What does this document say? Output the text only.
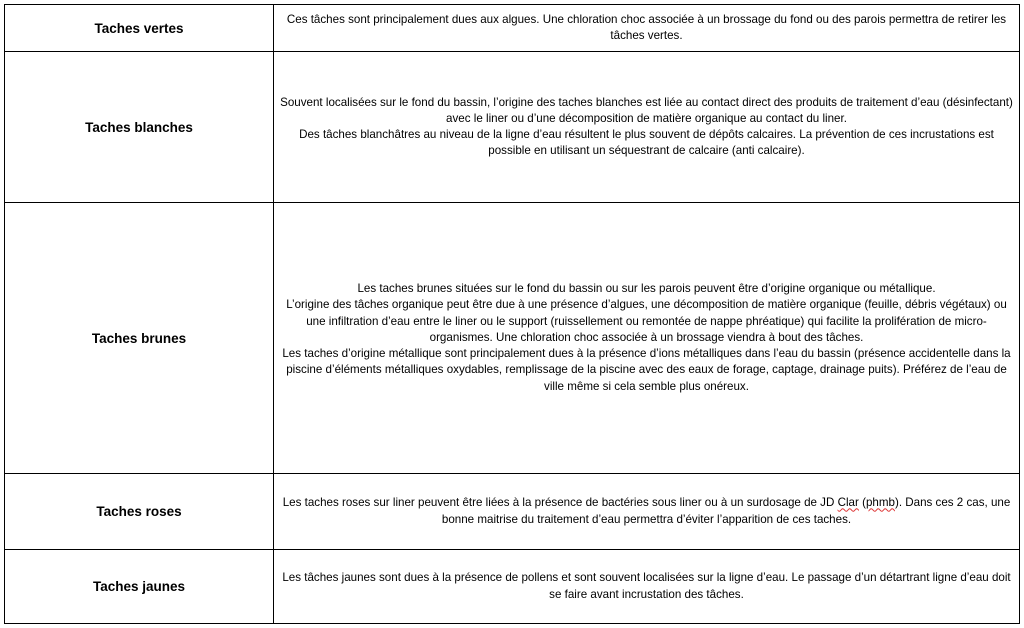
Taches vertes	Ces tâches sont principalement dues aux algues. Une chloration choc associée à un brossage du fond ou des parois permettra de retirer les tâches vertes.

Taches blanches	Souvent localisées sur le fond du bassin, l’origine des taches blanches est liée au contact direct des produits de traitement d’eau (désinfectant) avec le liner ou d’une décomposition de matière organique au contact du liner.
Des tâches blanchâtres au niveau de la ligne d’eau résultent le plus souvent de dépôts calcaires. La prévention de ces incrustations est possible en utilisant un séquestrant de calcaire (anti calcaire).

Taches brunes	Les taches brunes situées sur le fond du bassin ou sur les parois peuvent être d’origine organique ou métallique.
L’origine des tâches organique peut être due à une présence d’algues, une décomposition de matière organique (feuille, débris végétaux) ou une infiltration d’eau entre le liner ou le support (ruissellement ou remontée de nappe phréatique) qui facilite la prolifération de micro-organismes. Une chloration choc associée à un brossage viendra à bout des tâches.
Les taches d’origine métallique sont principalement dues à la présence d’ions métalliques dans l’eau du bassin (présence accidentelle dans la piscine d’éléments métalliques oxydables, remplissage de la piscine avec des eaux de forage, captage, drainage puits). Préférez de l’eau de ville même si cela semble plus onéreux.

Taches roses	Les taches roses sur liner peuvent être liées à la présence de bactéries sous liner ou à un surdosage de JD Clar (phmb). Dans ces 2 cas, une bonne maitrise du traitement d’eau permettra d’éviter l’apparition de ces taches.

Taches jaunes	Les tâches jaunes sont dues à la présence de pollens et sont souvent localisées sur la ligne d’eau. Le passage d’un détartrant ligne d’eau doit se faire avant incrustation des tâches.
